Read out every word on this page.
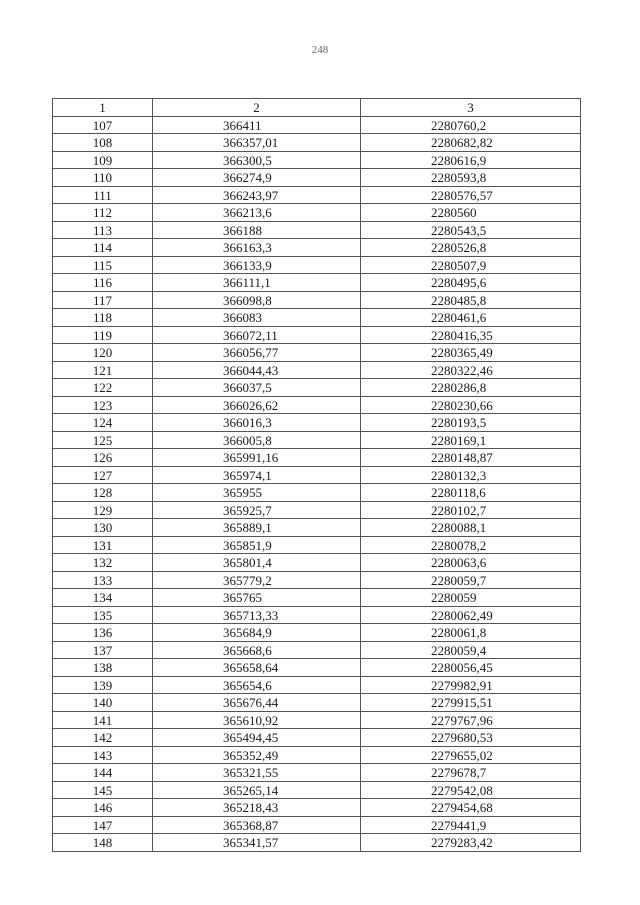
248
1	2	3
107	366411	2280760,2
108	366357,01	2280682,82
109	366300,5	2280616,9
110	366274,9	2280593,8
111	366243,97	2280576,57
112	366213,6	2280560
113	366188	2280543,5
114	366163,3	2280526,8
115	366133,9	2280507,9
116	366111,1	2280495,6
117	366098,8	2280485,8
118	366083	2280461,6
119	366072,11	2280416,35
120	366056,77	2280365,49
121	366044,43	2280322,46
122	366037,5	2280286,8
123	366026,62	2280230,66
124	366016,3	2280193,5
125	366005,8	2280169,1
126	365991,16	2280148,87
127	365974,1	2280132,3
128	365955	2280118,6
129	365925,7	2280102,7
130	365889,1	2280088,1
131	365851,9	2280078,2
132	365801,4	2280063,6
133	365779,2	2280059,7
134	365765	2280059
135	365713,33	2280062,49
136	365684,9	2280061,8
137	365668,6	2280059,4
138	365658,64	2280056,45
139	365654,6	2279982,91
140	365676,44	2279915,51
141	365610,92	2279767,96
142	365494,45	2279680,53
143	365352,49	2279655,02
144	365321,55	2279678,7
145	365265,14	2279542,08
146	365218,43	2279454,68
147	365368,87	2279441,9
148	365341,57	2279283,42
